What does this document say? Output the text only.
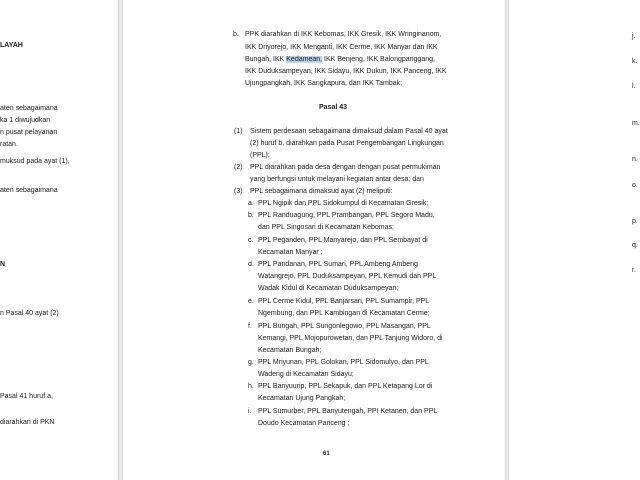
LAYAH
aten sebagaimana
ka 1 diwujudkan
n pusat pelayanan
ratan.
muksud pada ayat (1),
aten sebagaimana
N
n Pasal 40 ayat (2)
Pasal 41 huruf a,
diarahkan di PKN
b. PPK diarahkan di IKK Kebomas, IKK Gresik, IKK Wringinanom,
IKK Driyorejo, IKK Menganti, IKK Cerme, IKK Manyar dan IKK
Bungah, IKK Kedamean, IKK Benjeng, IKK Balongpanggang,
IKK Duduksampeyan, IKK Sidayu, IKK Dukun, IKK Panceng, IKK
Ujungpangkah, IKK Sangkapura, dan IKK Tambak;
Pasal 43
(1) Sistem perdesaan sebagaimana dimaksud dalam Pasal 40 ayat
(2) huruf b, diarahkan pada Pusat Pengembangan Lingkungan
(PPL);
(2) PPL diarahkan pada desa dengan dengan pusat permukiman
yang berfungsi untuk melayani kegiatan antar desa; dan
(3) PPL sebagaimana dimaksud ayat (2) meliputi:
a. PPL Ngipik dan PPL Sidokumpul di Kecamatan Gresik;
b. PPL Randuagung, PPL Prambangan, PPL Segoro Madu,
dan PPL Singosari di Kecamatan Kebomas;
c. PPL Peganden, PPL Manyarejo, dan PPL Sembayat di
Kecamatan Manyar ;
d. PPL Pandanan, PPL Sumari, PPL Ambeng Ambeng
Watangrejo, PPL Duduksampeyan, PPL Kemudi dan PPL
Wadak Kidul di Kecamatan Duduksampeyan;
e. PPL Cerme Kidul, PPL Banjarsari, PPL Sumampir, PPL
Ngembung, dan PPL Kambingan di Kecamatan Cerme;
f. PPL Bungah, PPL Sungonlegowo, PPL Masangan, PPL
Kemangi, PPL Mojopurowetan, dan PPL Tanjung Widoro, di
Kecamatan Bungah;
g. PPL Mriyunan, PPL Golokan, PPL Sidomulyo, dan PPL
Wadeng di Kecamatan Sidayu;
h. PPL Banyuurip, PPL Sekapuk, dan PPL Ketapang Lor di
Kecamatan Ujung Pangkah;
i. PPL Sumurber, PPL Banyutengah, PPI Ketanen, dan PPL
Doudo Kecamatan Panceng ;
61
j.
k.
l.
m.
n.
o.
p.
q.
r.
